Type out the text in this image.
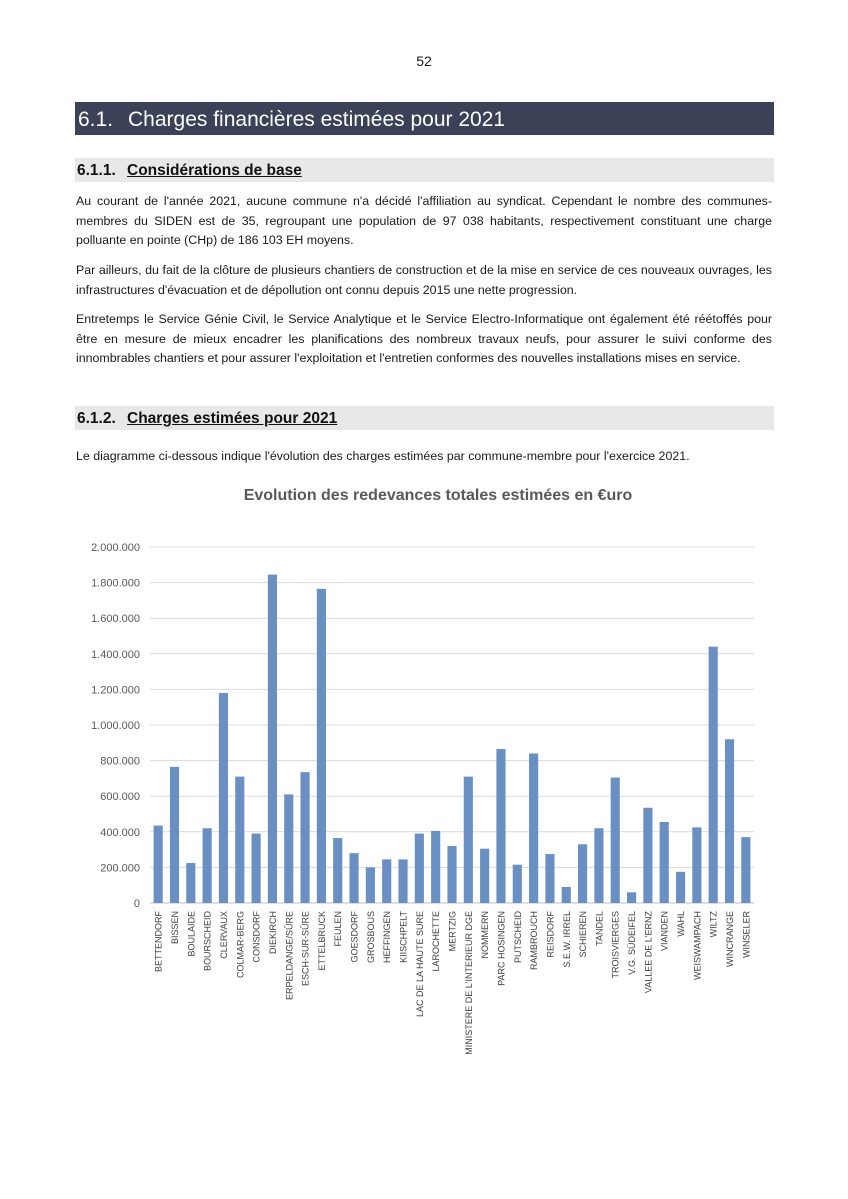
52
6.1. Charges financières estimées pour 2021
6.1.1. Considérations de base

Au courant de l'année 2021, aucune commune n'a décidé l'affiliation au syndicat. Cependant le nombre des communes-membres du SIDEN est de 35, regroupant une population de 97 038 habitants, respectivement constituant une charge polluante en pointe (CHp) de 186 103 EH moyens.

Par ailleurs, du fait de la clôture de plusieurs chantiers de construction et de la mise en service de ces nouveaux ouvrages, les infrastructures d'évacuation et de dépollution ont connu depuis 2015 une nette progression.

Entretemps le Service Génie Civil, le Service Analytique et le Service Electro-Informatique ont également été réétoffés pour être en mesure de mieux encadrer les planifications des nombreux travaux neufs, pour assurer le suivi conforme des innombrables chantiers et pour assurer l'exploitation et l'entretien conformes des nouvelles installations mises en service.

6.1.2. Charges estimées pour 2021

Le diagramme ci-dessous indique l'évolution des charges estimées par commune-membre pour l'exercice 2021.

Evolution des redevances totales estimées en €uro
0
200.000
400.000
600.000
800.000
1.000.000
1.200.000
1.400.000
1.600.000
1.800.000
2.000.000
BETTENDORF BISSEN BOULAIDE BOURSCHEID CLERVAUX COLMAR-BERG CONSDORF DIEKIRCH ERPELDANGE/SÛRE ESCH-SUR-SÛRE ETTELBRUCK FEULEN GOESDORF GROSBOUS HEFFINGEN KIISCHPELT LAC DE LA HAUTE SURE LAROCHETTE MERTZIG MINISTERE DE L'INTERIEUR DGE NOMMERN PARC HOSINGEN PUTSCHEID RAMBROUCH REISDORF S.E.W. IRREL SCHIEREN TANDEL TROISVIERGES V.G. SÜDEIFEL VALLEE DE L'ERNZ VIANDEN WAHL WEISWAMPACH WILTZ WINCRANGE WINSELER
